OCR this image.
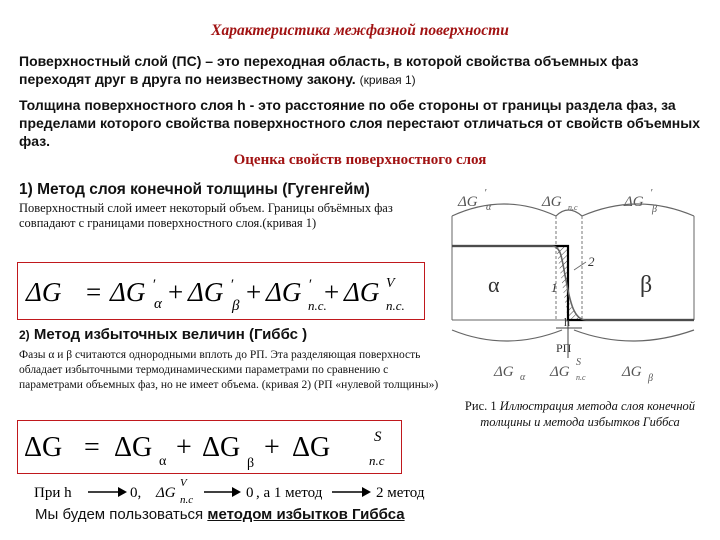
Характеристика межфазной поверхности
Поверхностный слой (ПС) – это переходная область, в которой свойства объемных фаз переходят друг в друга по неизвестному закону. (кривая 1)
Толщина поверхностного слоя h - это расстояние по обе стороны от границы раздела фаз, за пределами которого свойства поверхностного слоя перестают отличаться от свойств объемных фаз.
Оценка свойств поверхностного слоя
1) Метод слоя конечной толщины (Гугенгейм)
Поверхностный слой имеет некоторый объем. Границы объёмных фаз совпадают с границами поверхностного слоя.(кривая 1)
ΔG = ΔG ′
α + ΔG ′
β + ΔG ′
п.с.
+ ΔG V
п.с.
2) Метод избыточных величин (Гиббс )
Фазы α и β считаются однородными вплоть до РП. Эта разделяющая поверхность обладает избыточными термодинамическими параметрами по сравнению с параметрами объемных фаз, но не имеет объема. (кривая 2) (РП «нулевой толщины»)
ΔG = ΔG α + ΔG
β
+ ΔG	S
п.с
При h	0, ΔG
V
п.с	0 , а 1 метод	2 метод
Мы будем пользоваться методом избытков Гиббса
ΔG
′
α	ΔG п.с	ΔG
′
β
α	β
1
2
h
РП
ΔG α ΔG
S
п.с ΔG β
Рис. 1 Иллюстрация метода слоя конечной толщины и метода избытков Гиббса
